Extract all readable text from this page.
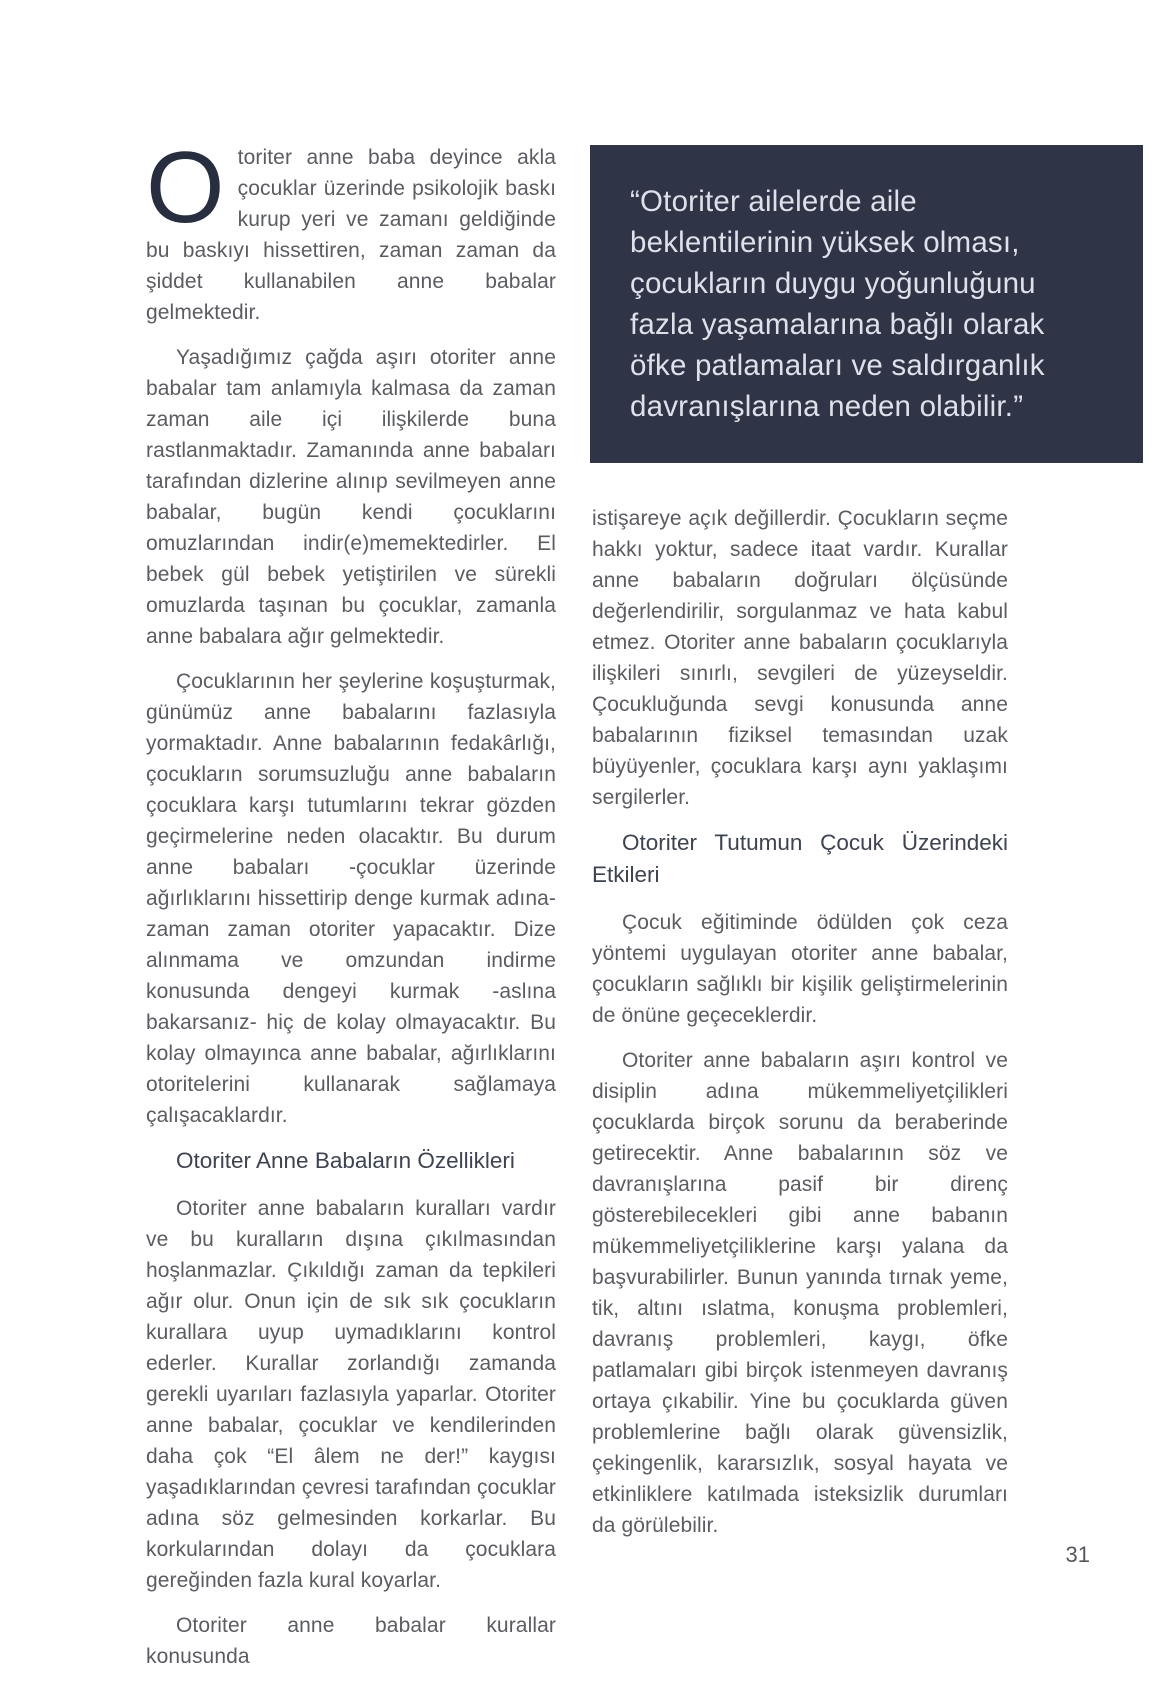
Otoriter anne baba deyince akla çocuklar üzerinde psikolojik baskı kurup yeri ve zamanı geldiğinde bu baskıyı hissettiren, zaman zaman da şiddet kullanabilen anne babalar gelmektedir.

Yaşadığımız çağda aşırı otoriter anne babalar tam anlamıyla kalmasa da zaman zaman aile içi ilişkilerde buna rastlanmaktadır. Zamanında anne babaları tarafından dizlerine alınıp sevilmeyen anne babalar, bugün kendi çocuklarını omuzlarından indir(e)memektedirler. El bebek gül bebek yetiştirilen ve sürekli omuzlarda taşınan bu çocuklar, zamanla anne babalara ağır gelmektedir.

Çocuklarının her şeylerine koşuşturmak, günümüz anne babalarını fazlasıyla yormaktadır. Anne babalarının fedakârlığı, çocukların sorumsuzluğu anne babaların çocuklara karşı tutumlarını tekrar gözden geçirmelerine neden olacaktır. Bu durum anne babaları -çocuklar üzerinde ağırlıklarını hissettirip denge kurmak adına- zaman zaman otoriter yapacaktır. Dize alınmama ve omzundan indirme konusunda dengeyi kurmak -aslına bakarsanız- hiç de kolay olmayacaktır. Bu kolay olmayınca anne babalar, ağırlıklarını otoritelerini kullanarak sağlamaya çalışacaklardır.

Otoriter Anne Babaların Özellikleri

Otoriter anne babaların kuralları vardır ve bu kuralların dışına çıkılmasından hoşlanmazlar. Çıkıldığı zaman da tepkileri ağır olur. Onun için de sık sık çocukların kurallara uyup uymadıklarını kontrol ederler. Kurallar zorlandığı zamanda gerekli uyarıları fazlasıyla yaparlar. Otoriter anne babalar, çocuklar ve kendilerinden daha çok “El âlem ne der!” kaygısı yaşadıklarından çevresi tarafından çocuklar adına söz gelmesinden korkarlar. Bu korkularından dolayı da çocuklara gereğinden fazla kural koyarlar.

Otoriter anne babalar kurallar konusunda

“Otoriter ailelerde aile beklentilerinin yüksek olması, çocukların duygu yoğunluğunu fazla yaşamalarına bağlı olarak öfke patlamaları ve saldırganlık davranışlarına neden olabilir.”

istişareye açık değillerdir. Çocukların seçme hakkı yoktur, sadece itaat vardır. Kurallar anne babaların doğruları ölçüsünde değerlendirilir, sorgulanmaz ve hata kabul etmez. Otoriter anne babaların çocuklarıyla ilişkileri sınırlı, sevgileri de yüzeyseldir. Çocukluğunda sevgi konusunda anne babalarının fiziksel temasından uzak büyüyenler, çocuklara karşı aynı yaklaşımı sergilerler.

Otoriter Tutumun Çocuk Üzerindeki Etkileri

Çocuk eğitiminde ödülden çok ceza yöntemi uygulayan otoriter anne babalar, çocukların sağlıklı bir kişilik geliştirmelerinin de önüne geçeceklerdir.

Otoriter anne babaların aşırı kontrol ve disiplin adına mükemmeliyetçilikleri çocuklarda birçok sorunu da beraberinde getirecektir. Anne babalarının söz ve davranışlarına pasif bir direnç gösterebilecekleri gibi anne babanın mükemmeliyetçiliklerine karşı yalana da başvurabilirler. Bunun yanında tırnak yeme, tik, altını ıslatma, konuşma problemleri, davranış problemleri, kaygı, öfke patlamaları gibi birçok istenmeyen davranış ortaya çıkabilir. Yine bu çocuklarda güven problemlerine bağlı olarak güvensizlik, çekingenlik, kararsızlık, sosyal hayata ve etkinliklere katılmada isteksizlik durumları da görülebilir.

31
